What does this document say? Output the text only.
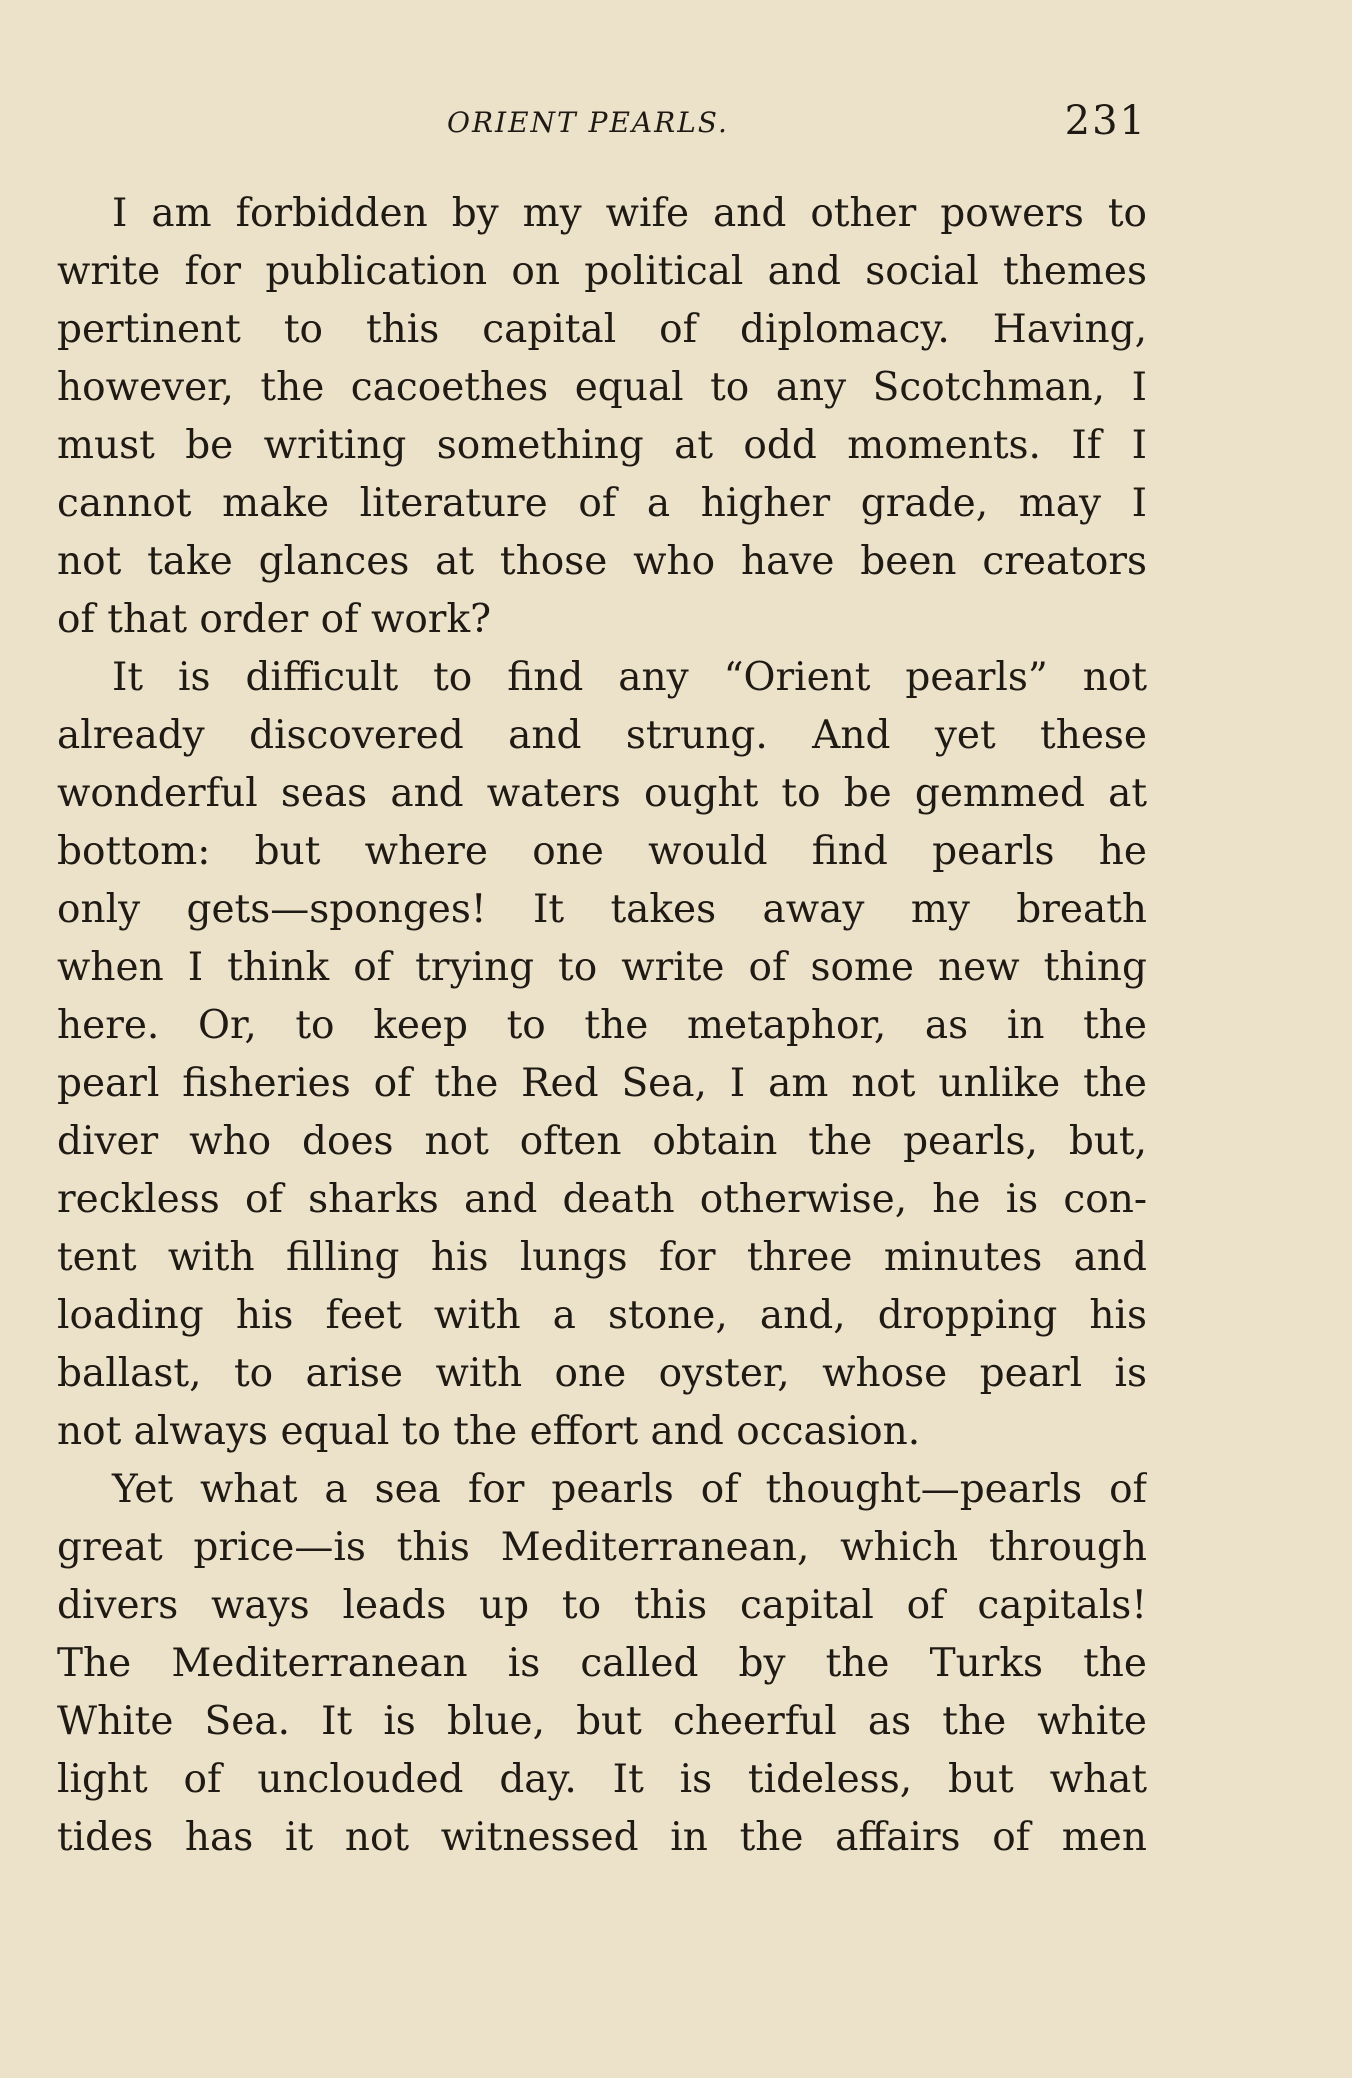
ORIENT PEARLS.	231
I am forbidden by my wife and other powers to
write for publication on political and social themes
pertinent to this capital of diplomacy. Having,
however, the cacoethes equal to any Scotchman, I
must be writing something at odd moments. If I
cannot make literature of a higher grade, may I
not take glances at those who have been creators
of that order of work?
It is difficult to find any “Orient pearls” not
already discovered and strung. And yet these
wonderful seas and waters ought to be gemmed at
bottom: but where one would find pearls he
only gets—sponges! It takes away my breath
when I think of trying to write of some new thing
here. Or, to keep to the metaphor, as in the
pearl fisheries of the Red Sea, I am not unlike the
diver who does not often obtain the pearls, but,
reckless of sharks and death otherwise, he is con-
tent with filling his lungs for three minutes and
loading his feet with a stone, and, dropping his
ballast, to arise with one oyster, whose pearl is
not always equal to the effort and occasion.
Yet what a sea for pearls of thought—pearls of
great price—is this Mediterranean, which through
divers ways leads up to this capital of capitals!
The Mediterranean is called by the Turks the
White Sea. It is blue, but cheerful as the white
light of unclouded day. It is tideless, but what
tides has it not witnessed in the affairs of men
